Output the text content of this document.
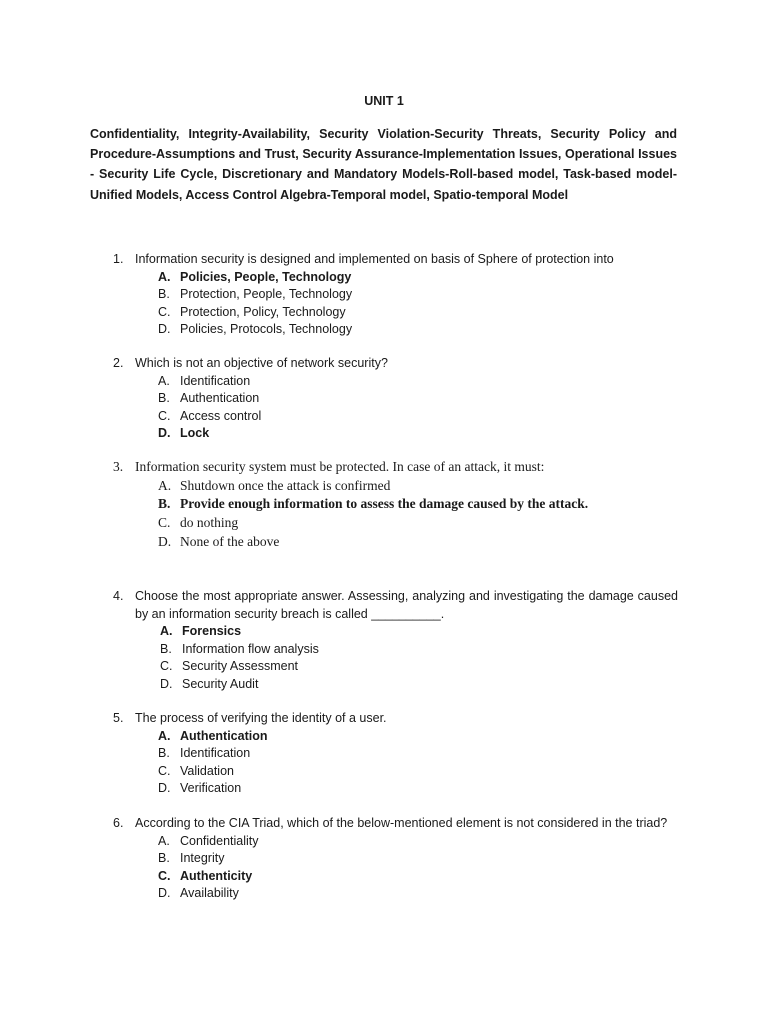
UNIT 1
Confidentiality, Integrity-Availability, Security Violation-Security Threats, Security Policy and Procedure-Assumptions and Trust, Security Assurance-Implementation Issues, Operational Issues - Security Life Cycle, Discretionary and Mandatory Models-Roll-based model, Task-based model-Unified Models, Access Control Algebra-Temporal model, Spatio-temporal Model
1. Information security is designed and implemented on basis of Sphere of protection into
A. Policies, People, Technology
B. Protection, People, Technology
C. Protection, Policy, Technology
D. Policies, Protocols, Technology
2. Which is not an objective of network security?
A. Identification
B. Authentication
C. Access control
D. Lock
3. Information security system must be protected. In case of an attack, it must:
A. Shutdown once the attack is confirmed
B. Provide enough information to assess the damage caused by the attack.
C. do nothing
D. None of the above
4. Choose the most appropriate answer. Assessing, analyzing and investigating the damage caused by an information security breach is called __________.
A. Forensics
B. Information flow analysis
C. Security Assessment
D. Security Audit
5. The process of verifying the identity of a user.
A. Authentication
B. Identification
C. Validation
D. Verification
6. According to the CIA Triad, which of the below-mentioned element is not considered in the triad?
A. Confidentiality
B. Integrity
C. Authenticity
D. Availability
